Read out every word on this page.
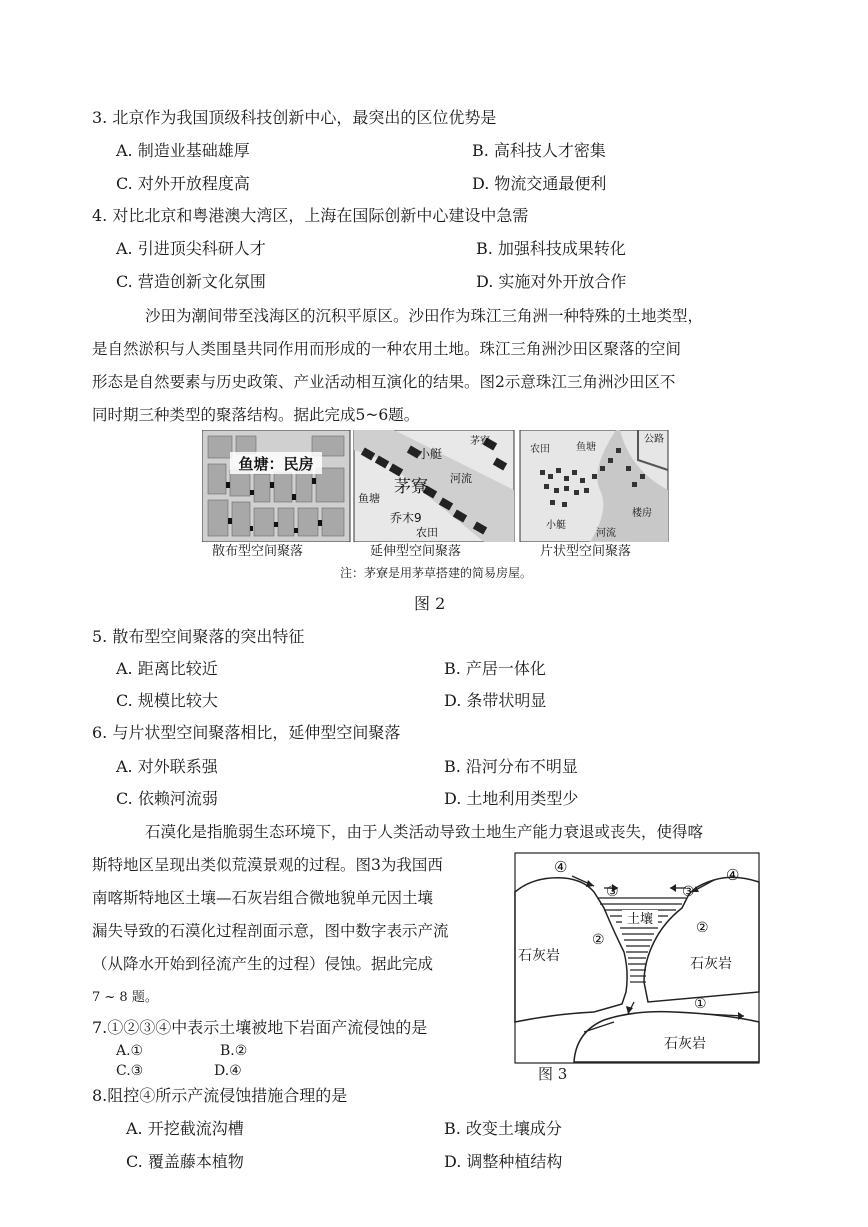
3. 北京作为我国顶级科技创新中心，最突出的区位优势是
A. 制造业基础雄厚	B. 高科技人才密集
C. 对外开放程度高	D. 物流交通最便利
4. 对比北京和粤港澳大湾区，上海在国际创新中心建设中急需
A. 引进顶尖科研人才	B. 加强科技成果转化
C. 营造创新文化氛围	D. 实施对外开放合作
沙田为潮间带至浅海区的沉积平原区。沙田作为珠江三角洲一种特殊的土地类型，
是自然淤积与人类围垦共同作用而形成的一种农用土地。珠江三角洲沙田区聚落的空间
形态是自然要素与历史政策、产业活动相互演化的结果。图2示意珠江三角洲沙田区不
同时期三种类型的聚落结构。据此完成5~6题。
鱼塘：民房
小艇
茅寮 河流
鱼塘
乔木9
农田
茅寮	公路
农田	鱼塘
楼房
小艇
河流
散布型空间聚落	延伸型空间聚落	片状型空间聚落
注：茅寮是用茅草搭建的简易房屋。
图 2
5. 散布型空间聚落的突出特征
A. 距离比较近	B. 产居一体化
C. 规模比较大	D. 条带状明显
6. 与片状型空间聚落相比，延伸型空间聚落
A. 对外联系强	B. 沿河分布不明显
C. 依赖河流弱	D. 土地利用类型少
石漠化是指脆弱生态环境下，由于人类活动导致土地生产能力衰退或丧失，使得喀
斯特地区呈现出类似荒漠景观的过程。图3为我国西
南喀斯特地区土壤—石灰岩组合微地貌单元因土壤
漏失导致的石漠化过程剖面示意，图中数字表示产流
（从降水开始到径流产生的过程）侵蚀。据此完成
7 ~ 8 题。
土壤
④
③	③
④
②
②
①
石灰岩	石灰岩
石灰岩
图 3
7.①②③④中表示土壤被地下岩面产流侵蚀的是
A.①	B.②
C.③	D.④
8.阻控④所示产流侵蚀措施合理的是
A. 开挖截流沟槽	B. 改变土壤成分
C. 覆盖藤本植物	D. 调整种植结构
